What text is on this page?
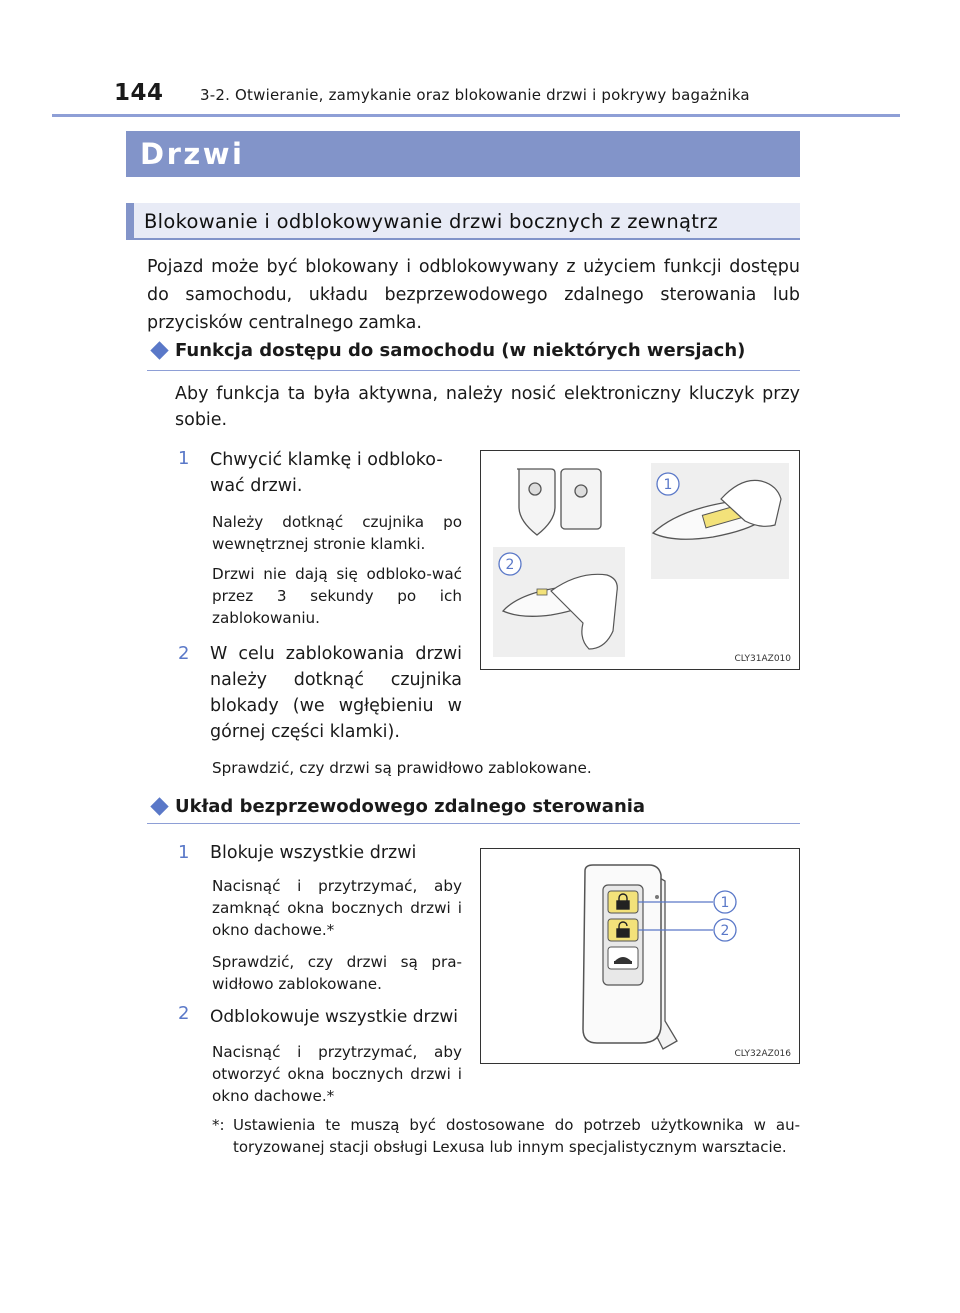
144 3-2. Otwieranie, zamykanie oraz blokowanie drzwi i pokrywy bagażnika
Drzwi
Blokowanie i odblokowywanie drzwi bocznych z zewnątrz
Pojazd może być blokowany i odblokowywany z użyciem funkcji dostępu do samochodu, układu bezprzewodowego zdalnego sterowania lub przycisków centralnego zamka.
Funkcja dostępu do samochodu (w niektórych wersjach)
Aby funkcja ta była aktywna, należy nosić elektroniczny kluczyk przy sobie.
1 Chwycić klamkę i odbloko-wać drzwi.
Należy dotknąć czujnika po wewnętrznej stronie klamki.
Drzwi nie dają się odbloko-wać przez 3 sekundy po ich zablokowaniu.
2 W celu zablokowania drzwi należy dotknąć czujnika blokady (we wgłębieniu w górnej części klamki).
Sprawdzić, czy drzwi są prawidłowo zablokowane.
1
2
CLY31AZ010
Układ bezprzewodowego zdalnego sterowania
1 Blokuje wszystkie drzwi
Nacisnąć i przytrzymać, aby zamknąć okna bocznych drzwi i okno dachowe.*
Sprawdzić, czy drzwi są pra-widłowo zablokowane.
2 Odblokowuje wszystkie drzwi
Nacisnąć i przytrzymać, aby otworzyć okna bocznych drzwi i okno dachowe.*
1
2
CLY32AZ016
*: Ustawienia te muszą być dostosowane do potrzeb użytkownika w au-toryzowanej stacji obsługi Lexusa lub innym specjalistycznym warsztacie.
